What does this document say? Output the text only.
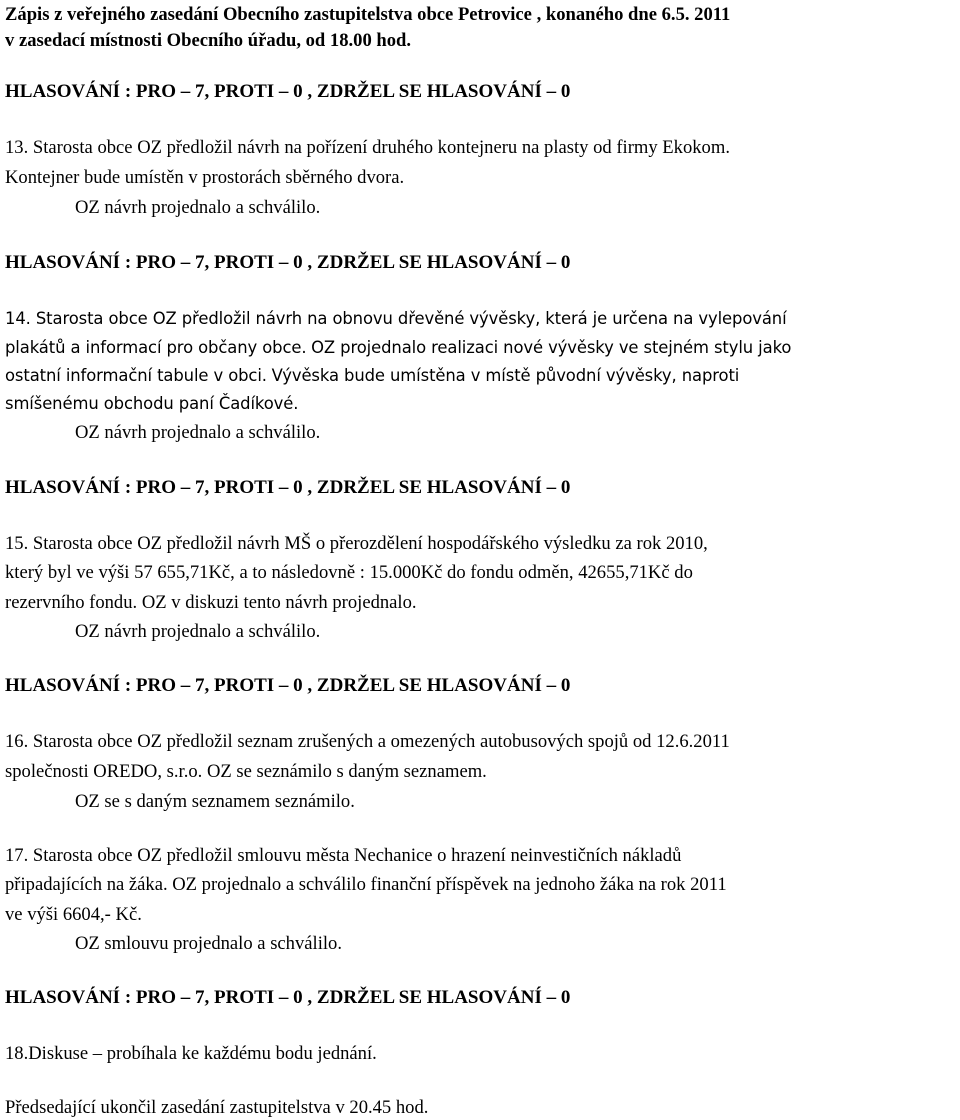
Zápis z veřejného zasedání Obecního zastupitelstva obce Petrovice , konaného dne 6.5. 2011
v zasedací místnosti Obecního úřadu, od 18.00 hod.
HLASOVÁNÍ : PRO – 7, PROTI – 0 , ZDRŽEL SE HLASOVÁNÍ – 0
13. Starosta obce OZ předložil návrh na pořízení druhého kontejneru na plasty od firmy Ekokom.
Kontejner bude umístěn v prostorách sběrného dvora.
OZ návrh projednalo a schválilo.
HLASOVÁNÍ : PRO – 7, PROTI – 0 , ZDRŽEL SE HLASOVÁNÍ – 0
14. Starosta obce OZ předložil návrh na obnovu dřevěné vývěsky, která je určena na vylepování
plakátů a informací pro občany obce. OZ projednalo realizaci nové vývěsky ve stejném stylu jako
ostatní informační tabule v obci. Vývěska bude umístěna v místě původní vývěsky, naproti
smíšenému obchodu paní Čadíkové.
OZ návrh projednalo a schválilo.
HLASOVÁNÍ : PRO – 7, PROTI – 0 , ZDRŽEL SE HLASOVÁNÍ – 0
15. Starosta obce OZ předložil návrh MŠ o přerozdělení hospodářského výsledku za rok 2010,
který byl ve výši 57 655,71Kč, a to následovně : 15.000Kč do fondu odměn, 42655,71Kč do
rezervního fondu. OZ v diskuzi tento návrh projednalo.
OZ návrh projednalo a schválilo.
HLASOVÁNÍ : PRO – 7, PROTI – 0 , ZDRŽEL SE HLASOVÁNÍ – 0
16. Starosta obce OZ předložil seznam zrušených a omezených autobusových spojů od 12.6.2011
společnosti OREDO, s.r.o. OZ se seznámilo s daným seznamem.
OZ se s daným seznamem seznámilo.
17. Starosta obce OZ předložil smlouvu města Nechanice o hrazení neinvestičních nákladů
připadajících na žáka. OZ projednalo a schválilo finanční příspěvek na jednoho žáka na rok 2011
ve výši 6604,- Kč.
OZ smlouvu projednalo a schválilo.
HLASOVÁNÍ : PRO – 7, PROTI – 0 , ZDRŽEL SE HLASOVÁNÍ – 0
18.Diskuse – probíhala ke každému bodu jednání.
Předsedající ukončil zasedání zastupitelstva v 20.45 hod.
